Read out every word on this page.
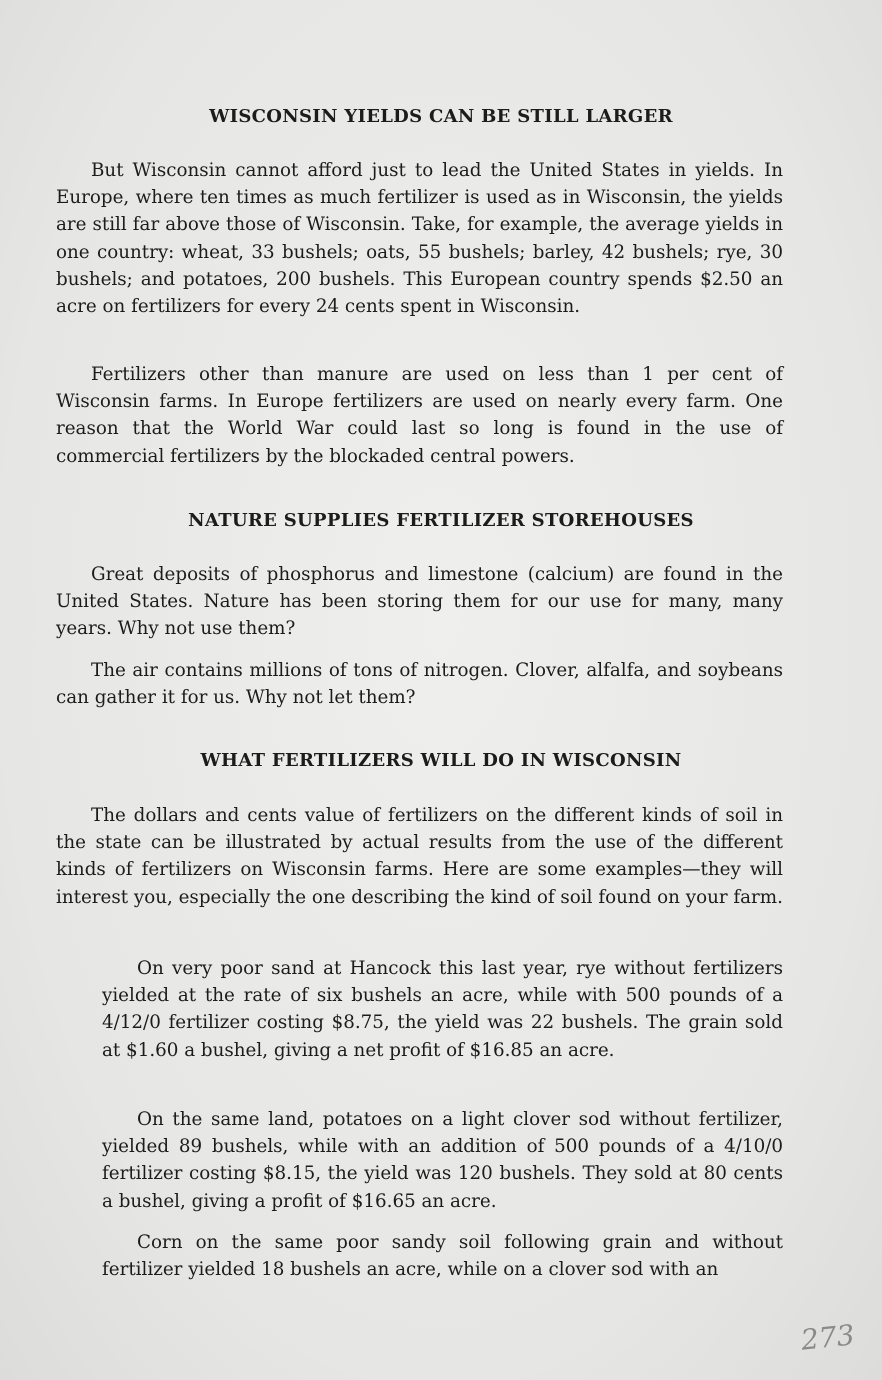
WISCONSIN YIELDS CAN BE STILL LARGER

But Wisconsin cannot afford just to lead the United States in yields. In Europe, where ten times as much fertilizer is used as in Wisconsin, the yields are still far above those of Wisconsin. Take, for example, the average yields in one country: wheat, 33 bushels; oats, 55 bushels; barley, 42 bushels; rye, 30 bushels; and potatoes, 200 bushels. This European country spends $2.50 an acre on fertilizers for every 24 cents spent in Wisconsin.

Fertilizers other than manure are used on less than 1 per cent of Wisconsin farms. In Europe fertilizers are used on nearly every farm. One reason that the World War could last so long is found in the use of commercial fertilizers by the blockaded central powers.

NATURE SUPPLIES FERTILIZER STOREHOUSES

Great deposits of phosphorus and limestone (calcium) are found in the United States. Nature has been storing them for our use for many, many years. Why not use them?

The air contains millions of tons of nitrogen. Clover, alfalfa, and soybeans can gather it for us. Why not let them?

WHAT FERTILIZERS WILL DO IN WISCONSIN

The dollars and cents value of fertilizers on the different kinds of soil in the state can be illustrated by actual results from the use of the different kinds of fertilizers on Wisconsin farms. Here are some examples—they will interest you, especially the one describing the kind of soil found on your farm.

On very poor sand at Hancock this last year, rye without fertilizers yielded at the rate of six bushels an acre, while with 500 pounds of a 4/12/0 fertilizer costing $8.75, the yield was 22 bushels. The grain sold at $1.60 a bushel, giving a net profit of $16.85 an acre.

On the same land, potatoes on a light clover sod without fertilizer, yielded 89 bushels, while with an addition of 500 pounds of a 4/10/0 fertilizer costing $8.15, the yield was 120 bushels. They sold at 80 cents a bushel, giving a profit of $16.65 an acre.

Corn on the same poor sandy soil following grain and without fertilizer yielded 18 bushels an acre, while on a clover sod with an

273
